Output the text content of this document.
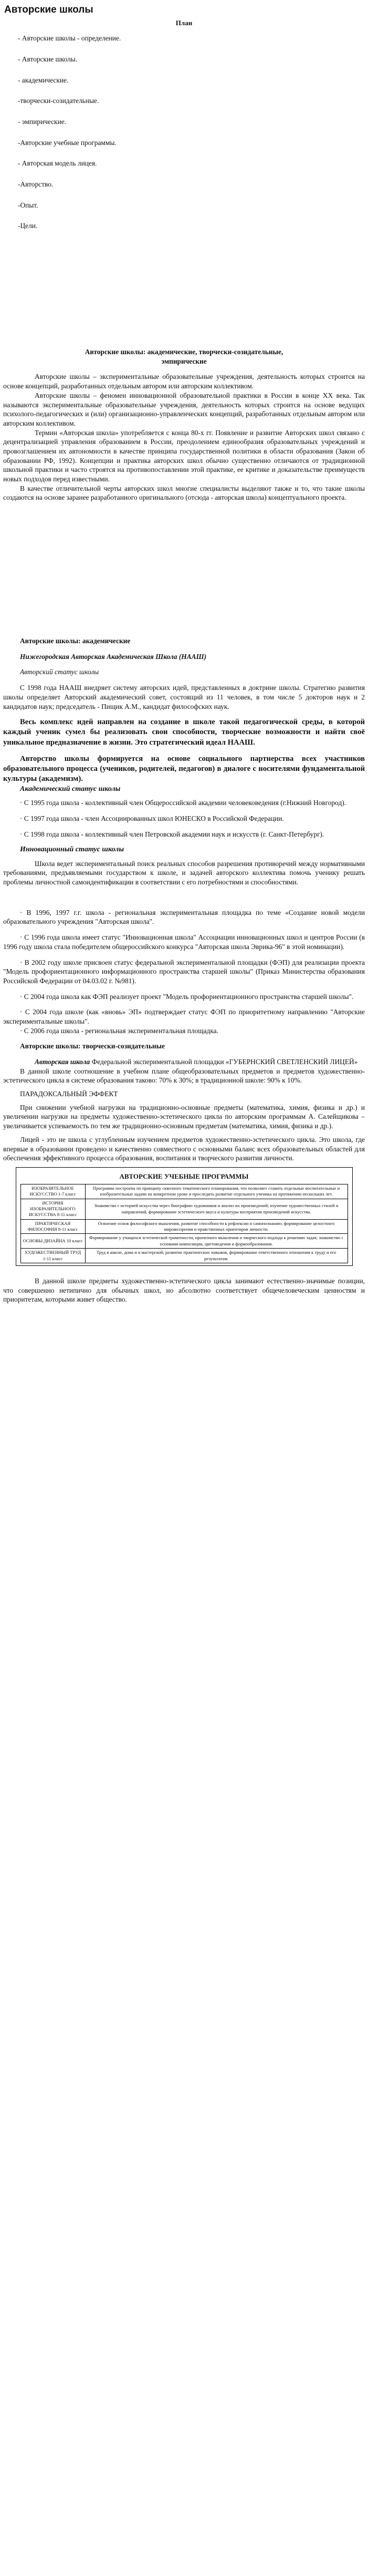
Авторские школы
План
- Авторские школы - определение.
- Авторские школы.
- академические.
-творчески-созидательные.
- эмпирические.
-Авторские учебные программы.
- Авторская модель лицея.
-Авторство.
-Опыт.
-Цели.
Авторские школы: академические, творчески-созидательные,
эмпирические

Авторские школы – экспериментальные образовательные учреждения, деятельность которых строится на основе концепций, разработанных отдельным автором или авторским коллективом.

Авторские школы – феномен инновационной образовательной практики в России в конце XX века. Так называются экспериментальные образовательные учреждения, деятельность которых строится на основе ведущих психолого-педагогических и (или) организационно-управленческих концепций, разработанных отдельным автором или авторским коллективом.

Термин «Авторская школа» употребляется с конца 80-х гг. Появление и развитие Авторских школ связано с децентрализацией управления образованием в России, преодолением единообразия образовательных учреждений и провозглашением их автономности в качестве принципа государственной политики в области образования (Закон об образовании РФ, 1992). Концепции и практика авторских школ обычно существенно отличаются от традиционной школьной практики и часто строятся на противопоставлении этой практике, ее критике и доказательстве преимуществ новых подходов перед известными.

В качестве отличительной черты авторских школ многие специалисты выделяют также и то, что такие школы создаются на основе заранее разработанного оригинального (отсюда - авторская школа) концептуального проекта.

Авторские школы: академические

Нижегородская Авторская Академическая Школа (НААШ)

Авторский статус школы

С 1998 года НААШ внедряет систему авторских идей, представленных в доктрине школы. Стратегию развития школы определяет Авторский академический совет, состоящий из 11 человек, в том числе 5 докторов наук и 2 кандидатов наук; председатель - Пищик А.М., кандидат философских наук.

Весь комплекс идей направлен на создание в школе такой педагогической среды, в которой каждый ученик сумел бы реализовать свои способности, творческие возможности и найти своё уникальное предназначение в жизни. Это стратегический идеал НААШ.

Авторство школы формируется на основе социального партнерства всех участников образовательного процесса (учеников, родителей, педагогов) в диалоге с носителями фундаментальной культуры (академизм).

Академический статус школы

· С 1995 года школа - коллективный член Общероссийской академии человековедения (г.Нижний Новгород).

· С 1997 года школа - член Ассоциированных школ ЮНЕСКО в Российской Федерации.

· С 1998 года школа - коллективный член Петровской академии наук и искусств (г. Санкт-Петербург).

Инновационный статус школы

Школа ведет экспериментальный поиск реальных способов разрешения противоречий между нормативными требованиями, предъявляемыми государством к школе, и задачей авторского коллектива помочь ученику решать проблемы личностной самоидентификации в соответствии с его потребностями и способностями.

· В 1996, 1997 г.г. школа - региональная экспериментальная площадка по теме «Создание новой модели образовательного учреждения "Авторская школа".

· С 1996 года школа имеет статус "Инновационная школа" Ассоциации инновационных школ и центров России (в 1996 году школа стала победителем общероссийского конкурса "Авторская школа Эврика-96" в этой номинации).

· В 2002 году школе присвоен статус федеральной экспериментальной площадки (ФЭП) для реализации проекта "Модель профориентационного информационного пространства старшей школы" (Приказ Министерства образования Российской Федерации от 04.03.02 г. №981).

· С 2004 года школа как ФЭП реализует проект "Модель профориентационного пространства старшей школы".

· С 2004 года школе (как «вновь» ЭП» подтверждает статус ФЭП по приоритетному направлению "Авторские экспериментальные школы".

· С 2006 года школа - региональная экспериментальная площадка.

Авторские школы: творчески-созидательные

Авторская школа Федеральной экспериментальной площадки «ГУБЕРНСКИЙ СВЕТЛЕНСКИЙ ЛИЦЕЙ»

В данной школе соотношение в учебном плане общеобразовательных предметов и предметов художественно-эстетического цикла в системе образования таково: 70% к 30%; в традиционной школе: 90% к 10%.

ПАРАДОКСАЛЬНЫЙ ЭФФЕКТ

При снижении учебной нагрузки на традиционно-основные предметы (математика, химия, физика и др.) и увеличении нагрузки на предметы художественно-эстетического цикла по авторским программам А. Салейщикова – увеличивается успеваемость по тем же традиционно-основным предметам (математика, химия, физика и др.).

Лицей - это не школа с углубленным изучением предметов художественно-эстетического цикла. Это школа, где впервые в образовании проведено и качественно совместного с основными баланс всех образовательных областей для обеспечения эффективного процесса образования, воспитания и творческого развития личности.

АВТОРСКИЕ УЧЕБНЫЕ ПРОГРАММЫ
ИЗОБРАЗИТЕЛЬНОЕ ИСКУССТВО 1-7 класс	Программа построена по принципу сквозного тематического планирования, что позволяет ставить отдельные воспитательные и изобразительные задачи на конкретном уроке и проследить развитие отдельного ученика на протяжении нескольких лет.
ИСТОРИЯ ИЗОБРАЗИТЕЛЬНОГО ИСКУССТВА 8-11 класс	Знакомство с историей искусства через биографию художников и анализ их произведений; изучение художественных стилей и направлений, формирование эстетического вкуса и культуры восприятия произведений искусства.
ПРАКТИЧЕСКАЯ ФИЛОСОФИЯ 8-11 класс	Освоение основ философского мышления, развитие способности к рефлексии и самопознанию; формирование целостного мировоззрения и нравственных ориентиров личности.
ОСНОВЫ ДИЗАЙНА 10 класс	Формирование у учащихся эстетической грамотности, проектного мышления и творческого подхода к решению задач; знакомство с основами композиции, цветоведения и формообразования.
ХУДОЖЕСТВЕННЫЙ ТРУД 1-11 класс	Труд в школе, дома и в мастерской; развитие практических навыков, формирование ответственного отношения к труду и его результатам.

В данной школе предметы художественно-эстетического цикла занимают естественно-значимые позиции, что совершенно нетипично для обычных школ, но абсолютно соответствует общечеловеческим ценностям и приоритетам, которыми живет общество.
